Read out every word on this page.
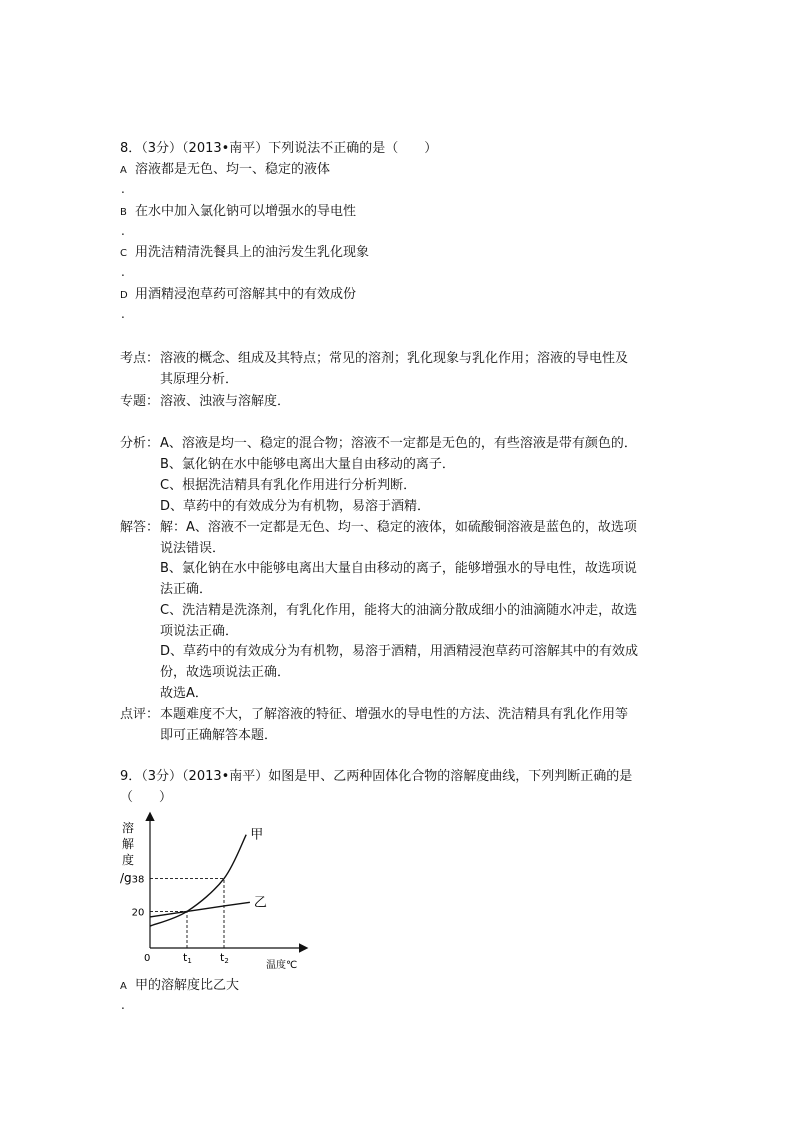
8．（3分）（2013•南平）下列说法不正确的是（　　）
A 溶液都是无色、均一、稳定的液体
.
B 在水中加入氯化钠可以增强水的导电性
.
C 用洗洁精清洗餐具上的油污发生乳化现象
.
D 用酒精浸泡草药可溶解其中的有效成份
.
考点： 溶液的概念、组成及其特点；常见的溶剂；乳化现象与乳化作用；溶液的导电性及
其原理分析．
专题： 溶液、浊液与溶解度．
分析： A、溶液是均一、稳定的混合物；溶液不一定都是无色的，有些溶液是带有颜色的．
B、氯化钠在水中能够电离出大量自由移动的离子．
C、根据洗洁精具有乳化作用进行分析判断．
D、草药中的有效成分为有机物，易溶于酒精．
解答： 解：A、溶液不一定都是无色、均一、稳定的液体，如硫酸铜溶液是蓝色的，故选项
说法错误．
B、氯化钠在水中能够电离出大量自由移动的离子，能够增强水的导电性，故选项说
法正确．
C、洗洁精是洗涤剂，有乳化作用，能将大的油滴分散成细小的油滴随水冲走，故选
项说法正确．
D、草药中的有效成分为有机物，易溶于酒精，用酒精浸泡草药可溶解其中的有效成
份，故选项说法正确．
故选A．
点评： 本题难度不大，了解溶液的特征、增强水的导电性的方法、洗洁精具有乳化作用等
即可正确解答本题．
9．（3分）（2013•南平）如图是甲、乙两种固体化合物的溶解度曲线，下列判断正确的是
（　　）
溶
解
度
/g
0
温度℃
t1	t2
20
38
甲
乙
A 甲的溶解度比乙大
.
